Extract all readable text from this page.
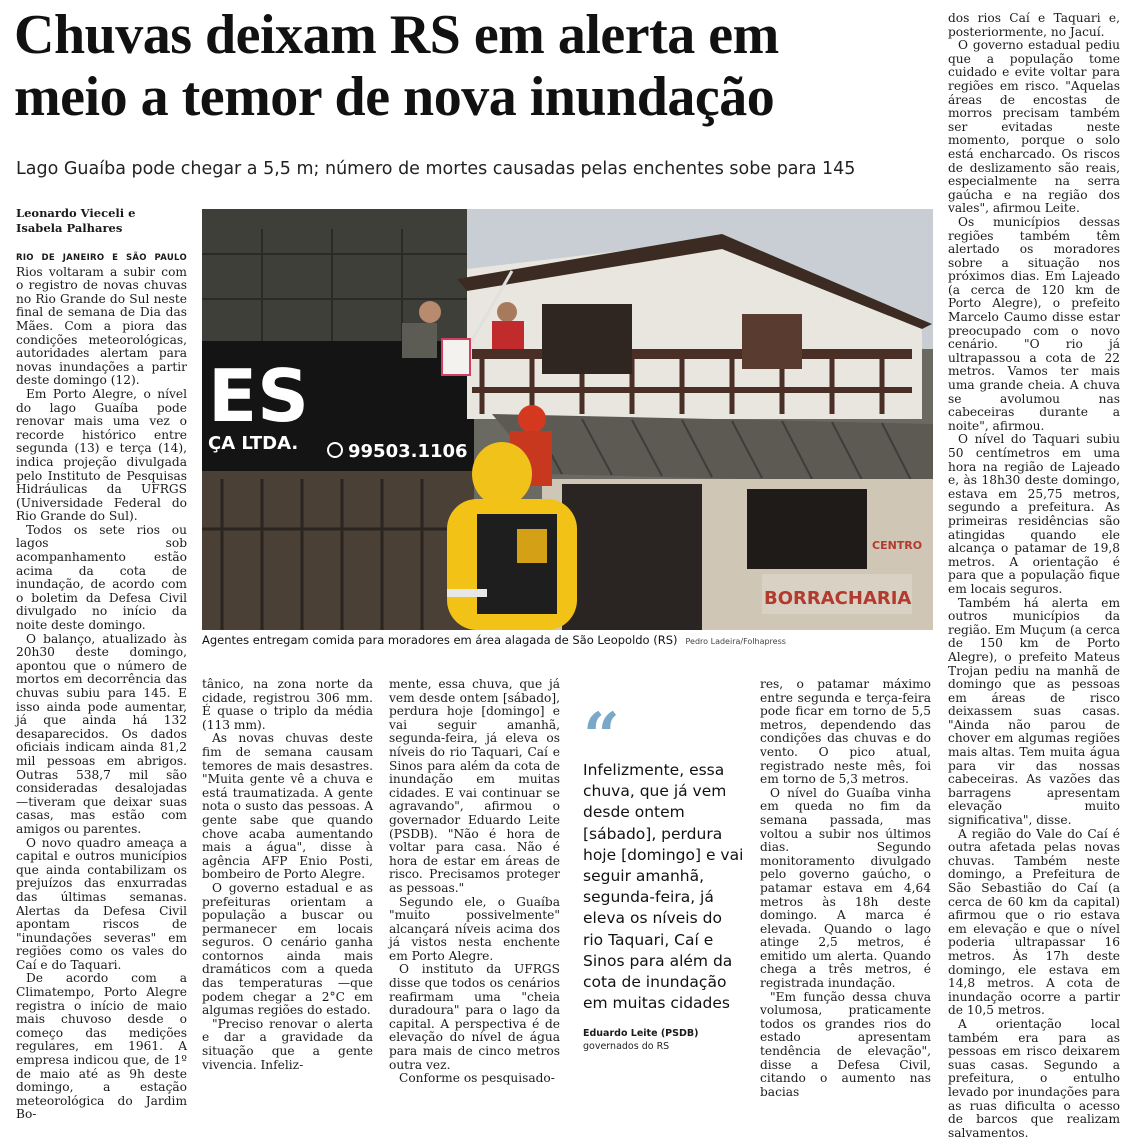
Chuvas deixam RS em alerta em
meio a temor de nova inundação
Lago Guaíba pode chegar a 5,5 m; número de mortes causadas pelas enchentes sobe para 145
Leonardo Vieceli e
Isabela Palhares

RIO DE JANEIRO E SÃO PAULO Rios voltaram a subir com o registro de novas chuvas no Rio Grande do Sul neste final de semana de Dia das Mães. Com a piora das condições meteorológicas, autoridades alertam para novas inundações a partir deste domingo (12).

Em Porto Alegre, o nível do lago Guaíba pode renovar mais uma vez o recorde histórico entre segunda (13) e terça (14), indica projeção divulgada pelo Instituto de Pesquisas Hidráulicas da UFRGS (Universidade Federal do Rio Grande do Sul).

Todos os sete rios ou lagos sob acompanhamento estão acima da cota de inundação, de acordo com o boletim da Defesa Civil divulgado no início da noite deste domingo.

O balanço, atualizado às 20h30 deste domingo, apontou que o número de mortos em decorrência das chuvas subiu para 145. E isso ainda pode aumentar, já que ainda há 132 desaparecidos. Os dados oficiais indicam ainda 81,2 mil pessoas em abrigos. Outras 538,7 mil são consideradas desalojadas —tiveram que deixar suas casas, mas estão com amigos ou parentes.

O novo quadro ameaça a capital e outros municípios que ainda contabilizam os prejuízos das enxurradas das últimas semanas. Alertas da Defesa Civil apontam riscos de "inundações severas" em regiões como os vales do Caí e do Taquari.

De acordo com a Climatempo, Porto Alegre registra o início de maio mais chuvoso desde o começo das medições regulares, em 1961. A empresa indicou que, de 1º de maio até as 9h deste domingo, a estação meteorológica do Jardim Bo-

ES
ÇA LTDA.	99503.1106
BORRACHARIA
CENTRO
Agentes entregam comida para moradores em área alagada de São Leopoldo (RS) Pedro Ladeira/Folhapress

tânico, na zona norte da cidade, registrou 306 mm. É quase o triplo da média (113 mm).

As novas chuvas deste fim de semana causam temores de mais desastres. "Muita gente vê a chuva e está traumatizada. A gente nota o susto das pessoas. A gente sabe que quando chove acaba aumentando mais a água", disse à agência AFP Enio Posti, bombeiro de Porto Alegre.

O governo estadual e as prefeituras orientam a população a buscar ou permanecer em locais seguros. O cenário ganha contornos ainda mais dramáticos com a queda das temperaturas —que podem chegar a 2°C em algumas regiões do estado.

"Preciso renovar o alerta e dar a gravidade da situação que a gente vivencia. Infeliz-

mente, essa chuva, que já vem desde ontem [sábado], perdura hoje [domingo] e vai seguir amanhã, segunda-feira, já eleva os níveis do rio Taquari, Caí e Sinos para além da cota de inundação em muitas cidades. E vai continuar se agravando", afirmou o governador Eduardo Leite (PSDB). "Não é hora de voltar para casa. Não é hora de estar em áreas de risco. Precisamos proteger as pessoas."

Segundo ele, o Guaíba "muito possivelmente" alcançará níveis acima dos já vistos nesta enchente em Porto Alegre.

O instituto da UFRGS disse que todos os cenários reafirmam uma "cheia duradoura" para o lago da capital. A perspectiva é de elevação do nível de água para mais de cinco metros outra vez.

Conforme os pesquisado-

“
Infelizmente, essa chuva, que já vem desde ontem [sábado], perdura hoje [domingo] e vai seguir amanhã, segunda-feira, já eleva os níveis do rio Taquari, Caí e Sinos para além da cota de inundação em muitas cidades
Eduardo Leite (PSDB)
governados do RS

res, o patamar máximo entre segunda e terça-feira pode ficar em torno de 5,5 metros, dependendo das condições das chuvas e do vento. O pico atual, registrado neste mês, foi em torno de 5,3 metros.

O nível do Guaíba vinha em queda no fim da semana passada, mas voltou a subir nos últimos dias. Segundo monitoramento divulgado pelo governo gaúcho, o patamar estava em 4,64 metros às 18h deste domingo. A marca é elevada. Quando o lago atinge 2,5 metros, é emitido um alerta. Quando chega a três metros, é registrada inundação.

"Em função dessa chuva volumosa, praticamente todos os grandes rios do estado apresentam tendência de elevação", disse a Defesa Civil, citando o aumento nas bacias

dos rios Caí e Taquari e, posteriormente, no Jacuí.

O governo estadual pediu que a população tome cuidado e evite voltar para regiões em risco. "Aquelas áreas de encostas de morros precisam também ser evitadas neste momento, porque o solo está encharcado. Os riscos de deslizamento são reais, especialmente na serra gaúcha e na região dos vales", afirmou Leite.

Os municípios dessas regiões também têm alertado os moradores sobre a situação nos próximos dias. Em Lajeado (a cerca de 120 km de Porto Alegre), o prefeito Marcelo Caumo disse estar preocupado com o novo cenário. "O rio já ultrapassou a cota de 22 metros. Vamos ter mais uma grande cheia. A chuva se avolumou nas cabeceiras durante a noite", afirmou.

O nível do Taquari subiu 50 centímetros em uma hora na região de Lajeado e, às 18h30 deste domingo, estava em 25,75 metros, segundo a prefeitura. As primeiras residências são atingidas quando ele alcança o patamar de 19,8 metros. A orientação é para que a população fique em locais seguros.

Também há alerta em outros municípios da região. Em Muçum (a cerca de 150 km de Porto Alegre), o prefeito Mateus Trojan pediu na manhã de domingo que as pessoas em áreas de risco deixassem suas casas. "Ainda não parou de chover em algumas regiões mais altas. Tem muita água para vir das nossas cabeceiras. As vazões das barragens apresentam elevação muito significativa", disse.

A região do Vale do Caí é outra afetada pelas novas chuvas. Também neste domingo, a Prefeitura de São Sebastião do Caí (a cerca de 60 km da capital) afirmou que o rio estava em elevação e que o nível poderia ultrapassar 16 metros. Às 17h deste domingo, ele estava em 14,8 metros. A cota de inundação ocorre a partir de 10,5 metros.

A orientação local também era para as pessoas em risco deixarem suas casas. Segundo a prefeitura, o entulho levado por inundações para as ruas dificulta o acesso de barcos que realizam salvamentos.
